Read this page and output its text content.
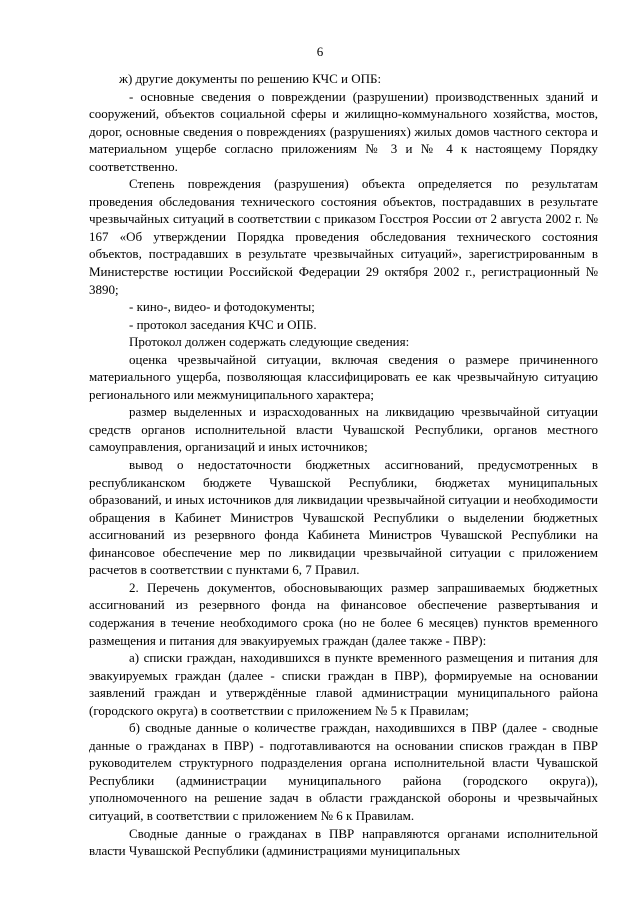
6

ж) другие документы по решению КЧС и ОПБ:

- основные сведения о повреждении (разрушении) производственных зданий и сооружений, объектов социальной сферы и жилищно-коммунального хозяйства, мостов, дорог, основные сведения о повреждениях (разрушениях) жилых домов частного сектора и материальном ущербе согласно приложениям № 3 и № 4 к настоящему Порядку соответственно.

Степень повреждения (разрушения) объекта определяется по результатам проведения обследования технического состояния объектов, пострадавших в результате чрезвычайных ситуаций в соответствии с приказом Госстроя России от 2 августа 2002 г. № 167 «Об утверждении Порядка проведения обследования технического состояния объектов, пострадавших в результате чрезвычайных ситуаций», зарегистрированным в Министерстве юстиции Российской Федерации 29 октября 2002 г., регистрационный № 3890;

- кино-, видео- и фотодокументы;

- протокол заседания КЧС и ОПБ.

Протокол должен содержать следующие сведения:

оценка чрезвычайной ситуации, включая сведения о размере причиненного материального ущерба, позволяющая классифицировать ее как чрезвычайную ситуацию регионального или межмуниципального характера;

размер выделенных и израсходованных на ликвидацию чрезвычайной ситуации средств органов исполнительной власти Чувашской Республики, органов местного самоуправления, организаций и иных источников;

вывод о недостаточности бюджетных ассигнований, предусмотренных в республиканском бюджете Чувашской Республики, бюджетах муниципальных образований, и иных источников для ликвидации чрезвычайной ситуации и необходимости обращения в Кабинет Министров Чувашской Республики о выделении бюджетных ассигнований из резервного фонда Кабинета Министров Чувашской Республики на финансовое обеспечение мер по ликвидации чрезвычайной ситуации с приложением расчетов в соответствии с пунктами 6, 7 Правил.

2. Перечень документов, обосновывающих размер запрашиваемых бюджетных ассигнований из резервного фонда на финансовое обеспечение развертывания и содержания в течение необходимого срока (но не более 6 месяцев) пунктов временного размещения и питания для эвакуируемых граждан (далее также - ПВР):

а) списки граждан, находившихся в пункте временного размещения и питания для эвакуируемых граждан (далее - списки граждан в ПВР), формируемые на основании заявлений граждан и утверждённые главой администрации муниципального района (городского округа) в соответствии с приложением № 5 к Правилам;

б) сводные данные о количестве граждан, находившихся в ПВР (далее - сводные данные о гражданах в ПВР) - подготавливаются на основании списков граждан в ПВР руководителем структурного подразделения органа исполнительной власти Чувашской Республики (администрации муниципального района (городского округа)), уполномоченного на решение задач в области гражданской обороны и чрезвычайных ситуаций, в соответствии с приложением № 6 к Правилам.

Сводные данные о гражданах в ПВР направляются органами исполнительной власти Чувашской Республики (администрациями муниципальных
